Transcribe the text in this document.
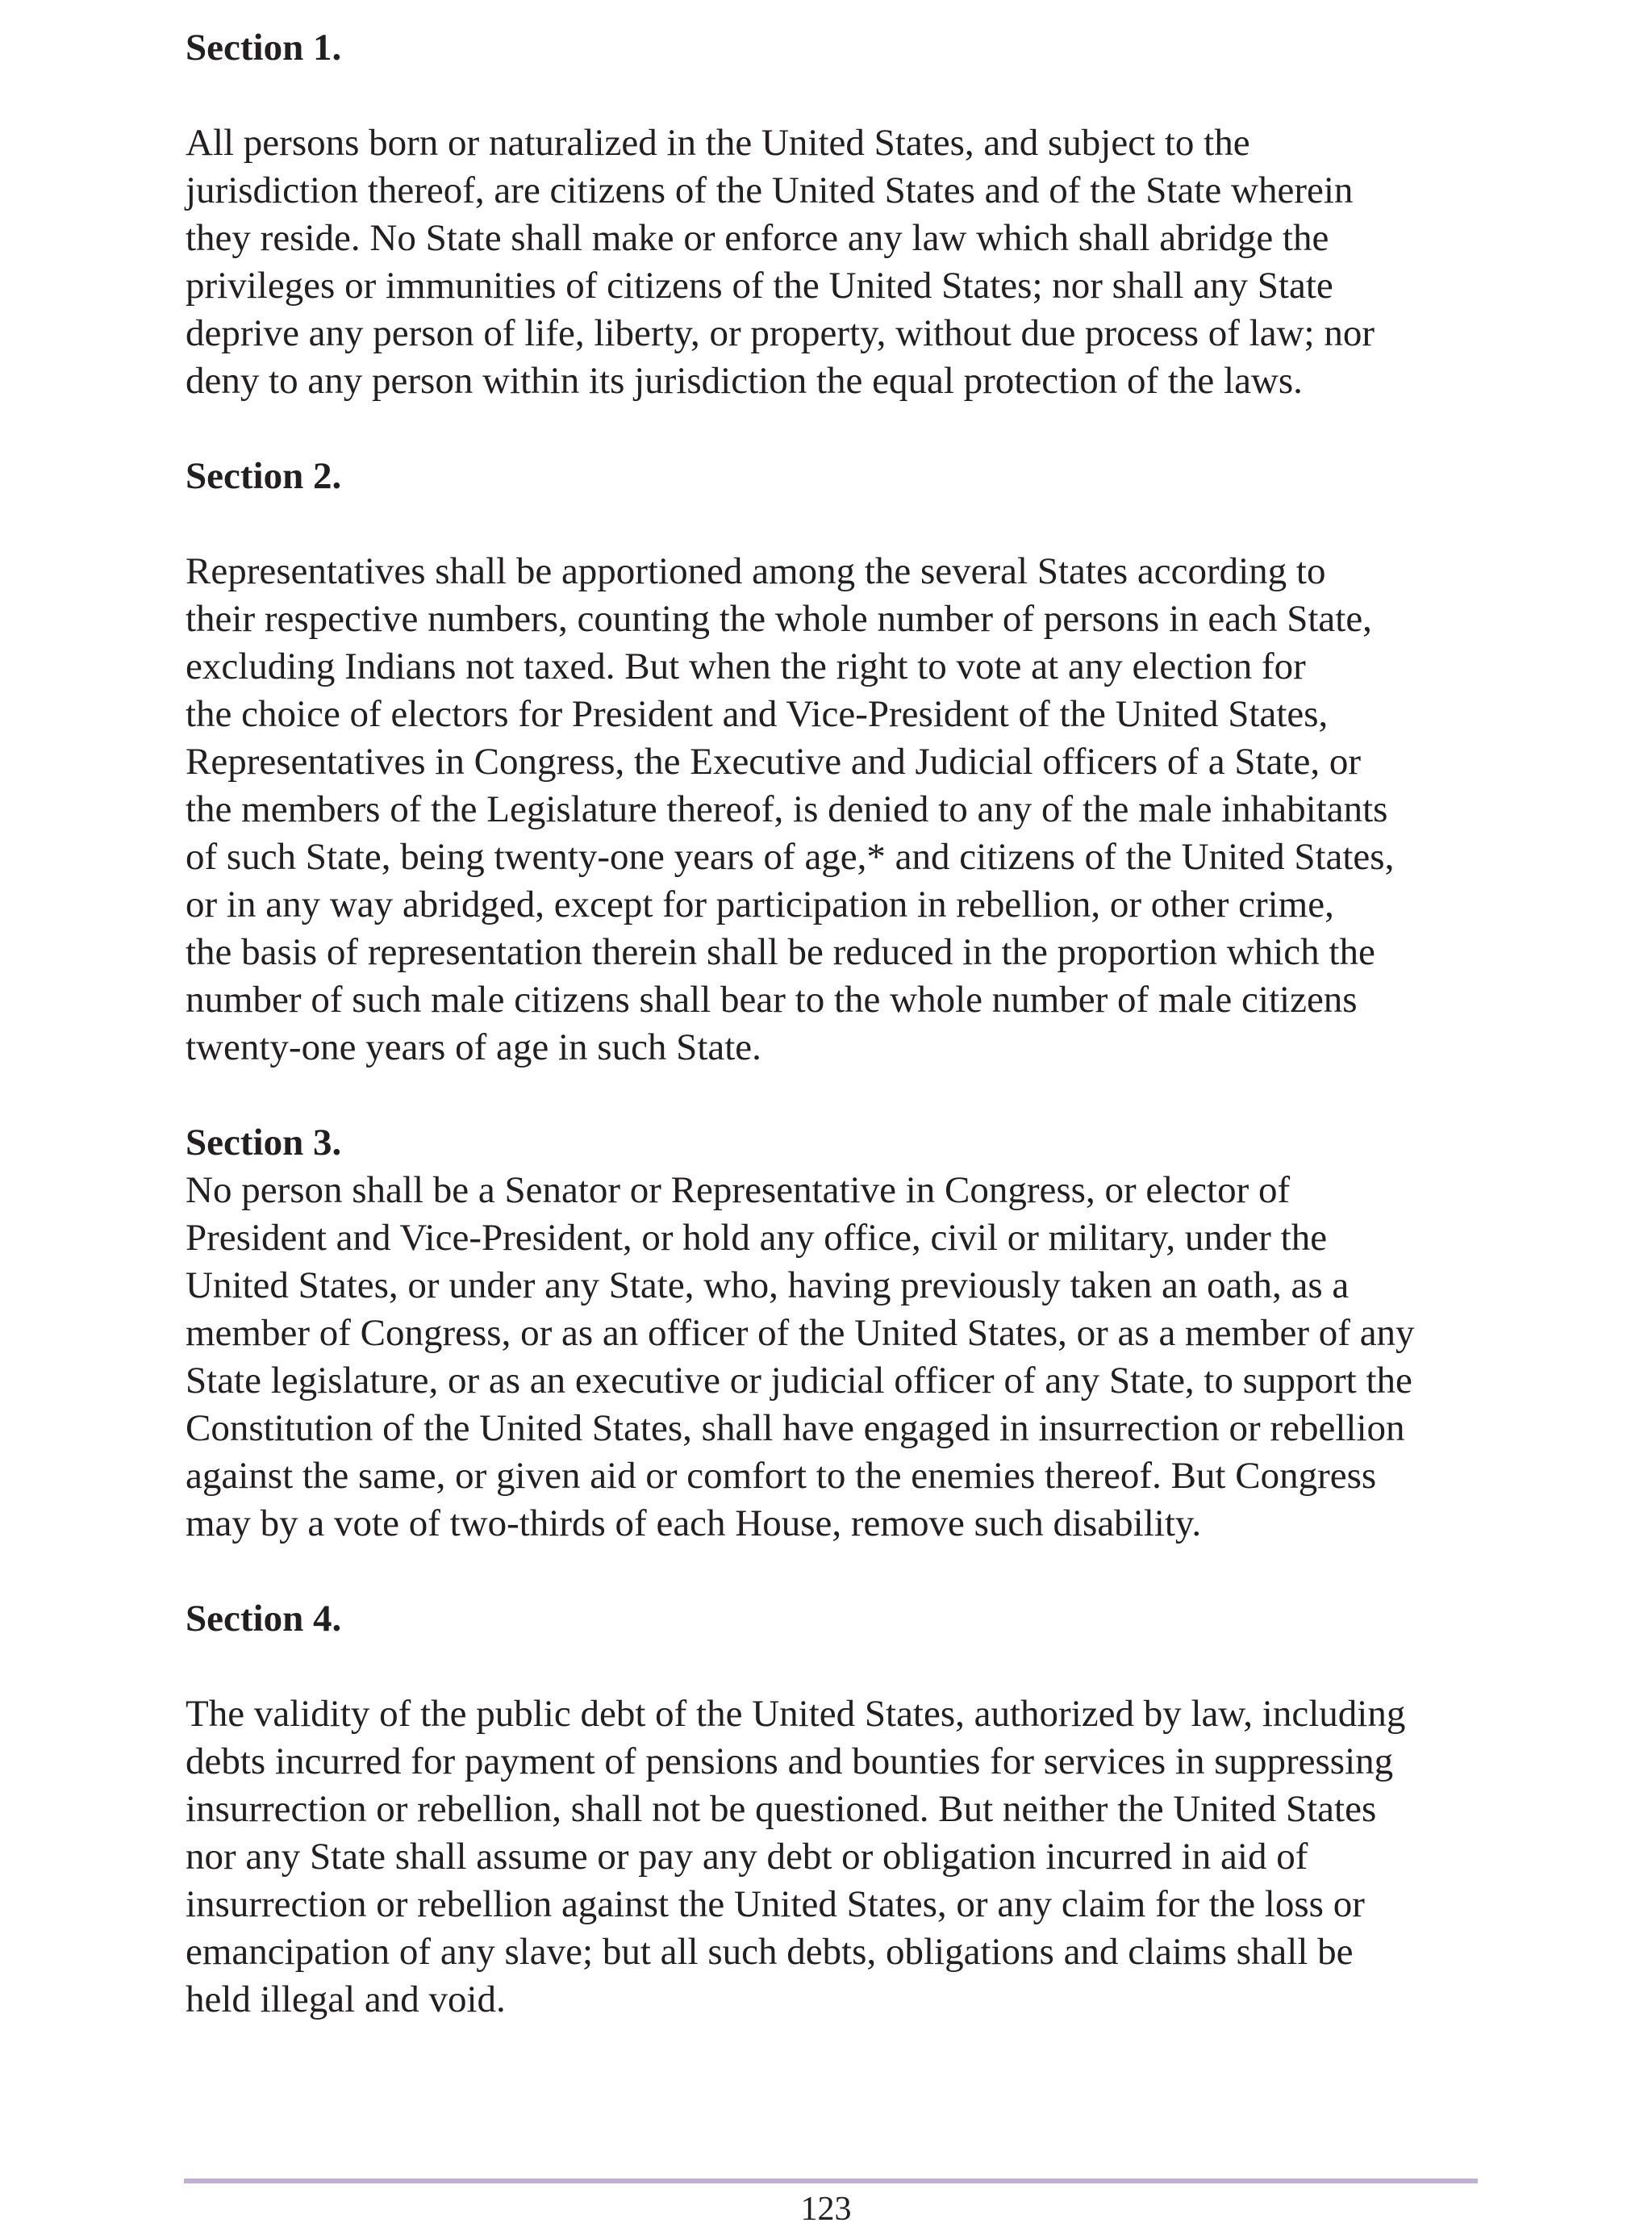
Section 1.

All persons born or naturalized in the United States, and subject to the
jurisdiction thereof, are citizens of the United States and of the State wherein
they reside. No State shall make or enforce any law which shall abridge the
privileges or immunities of citizens of the United States; nor shall any State
deprive any person of life, liberty, or property, without due process of law; nor
deny to any person within its jurisdiction the equal protection of the laws.

Section 2.

Representatives shall be apportioned among the several States according to
their respective numbers, counting the whole number of persons in each State,
excluding Indians not taxed. But when the right to vote at any election for
the choice of electors for President and Vice-President of the United States,
Representatives in Congress, the Executive and Judicial officers of a State, or
the members of the Legislature thereof, is denied to any of the male inhabitants
of such State, being twenty-one years of age,* and citizens of the United States,
or in any way abridged, except for participation in rebellion, or other crime,
the basis of representation therein shall be reduced in the proportion which the
number of such male citizens shall bear to the whole number of male citizens
twenty-one years of age in such State.

Section 3.

No person shall be a Senator or Representative in Congress, or elector of
President and Vice-President, or hold any office, civil or military, under the
United States, or under any State, who, having previously taken an oath, as a
member of Congress, or as an officer of the United States, or as a member of any
State legislature, or as an executive or judicial officer of any State, to support the
Constitution of the United States, shall have engaged in insurrection or rebellion
against the same, or given aid or comfort to the enemies thereof. But Congress
may by a vote of two-thirds of each House, remove such disability.

Section 4.

The validity of the public debt of the United States, authorized by law, including
debts incurred for payment of pensions and bounties for services in suppressing
insurrection or rebellion, shall not be questioned. But neither the United States
nor any State shall assume or pay any debt or obligation incurred in aid of
insurrection or rebellion against the United States, or any claim for the loss or
emancipation of any slave; but all such debts, obligations and claims shall be
held illegal and void.

123
